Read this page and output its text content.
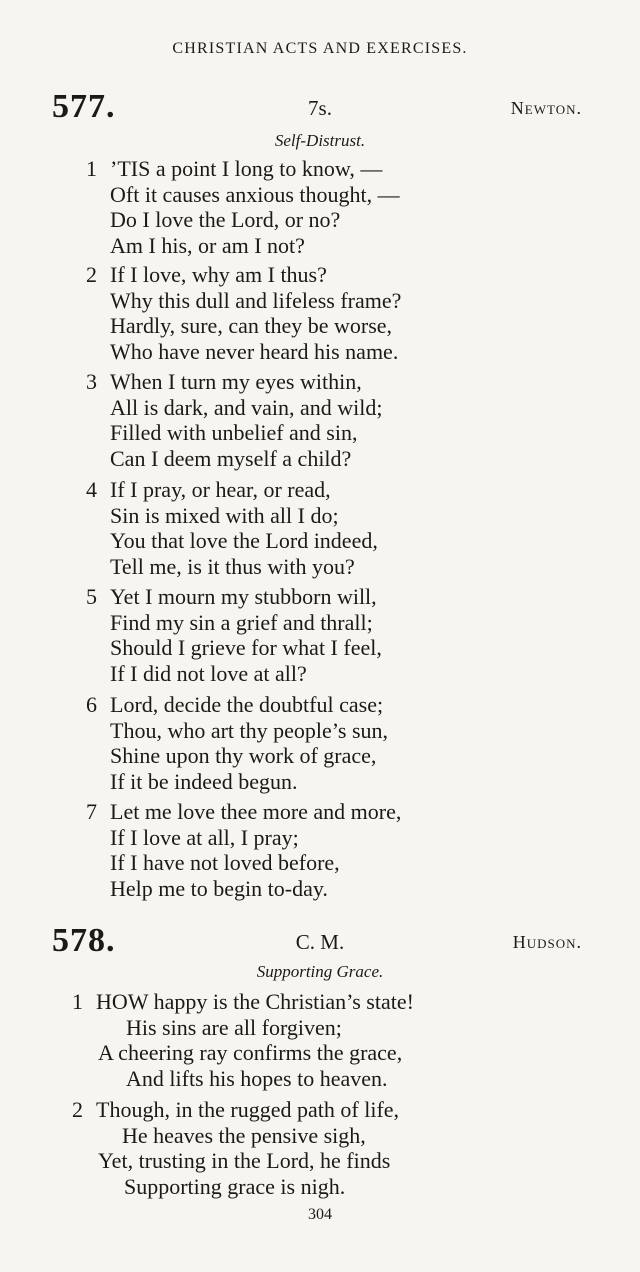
CHRISTIAN ACTS AND EXERCISES.
577.	7s.	Newton.
Self-Distrust.
1 ’TIS a point I long to know, —
Oft it causes anxious thought, —
Do I love the Lord, or no?
Am I his, or am I not?
2 If I love, why am I thus?
Why this dull and lifeless frame?
Hardly, sure, can they be worse,
Who have never heard his name.
3 When I turn my eyes within,
All is dark, and vain, and wild;
Filled with unbelief and sin,
Can I deem myself a child?
4 If I pray, or hear, or read,
Sin is mixed with all I do;
You that love the Lord indeed,
Tell me, is it thus with you?
5 Yet I mourn my stubborn will,
Find my sin a grief and thrall;
Should I grieve for what I feel,
If I did not love at all?
6 Lord, decide the doubtful case;
Thou, who art thy people’s sun,
Shine upon thy work of grace,
If it be indeed begun.
7 Let me love thee more and more,
If I love at all, I pray;
If I have not loved before,
Help me to begin to-day.
578.	C. M.	Hudson.
Supporting Grace.
1 HOW happy is the Christian’s state!
His sins are all forgiven;
A cheering ray confirms the grace,
And lifts his hopes to heaven.
2 Though, in the rugged path of life,
He heaves the pensive sigh,
Yet, trusting in the Lord, he finds
Supporting grace is nigh.
304
